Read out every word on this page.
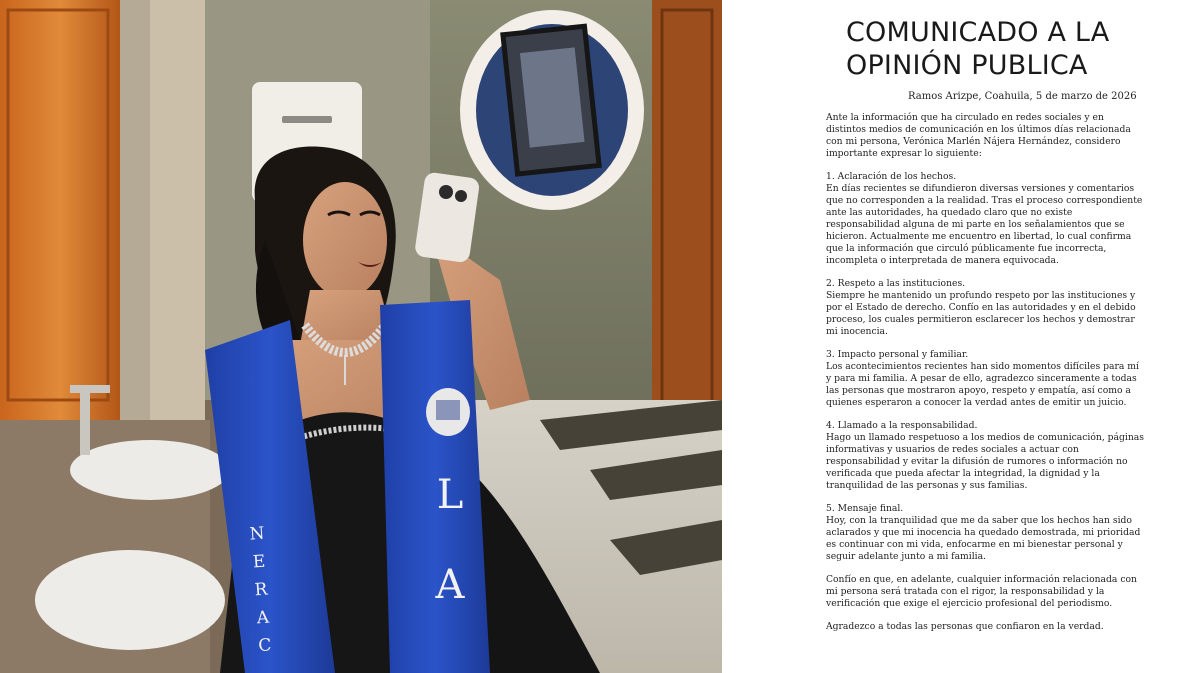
N
E
R
A
C
L
A
COMUNICADO A LA
OPINIÓN PUBLICA
Ramos Arizpe, Coahuila, 5 de marzo de 2026

Ante la información que ha circulado en redes sociales y en distintos medios de comunicación en los últimos días relacionada con mi persona, Verónica Marlén Nájera Hernández, considero importante expresar lo siguiente:

1. Aclaración de los hechos.
En días recientes se difundieron diversas versiones y comentarios que no corresponden a la realidad. Tras el proceso correspondiente ante las autoridades, ha quedado claro que no existe responsabilidad alguna de mi parte en los señalamientos que se hicieron. Actualmente me encuentro en libertad, lo cual confirma que la información que circuló públicamente fue incorrecta, incompleta o interpretada de manera equivocada.

2. Respeto a las instituciones.
Siempre he mantenido un profundo respeto por las instituciones y por el Estado de derecho. Confío en las autoridades y en el debido proceso, los cuales permitieron esclarecer los hechos y demostrar mi inocencia.

3. Impacto personal y familiar.
Los acontecimientos recientes han sido momentos difíciles para mí y para mi familia. A pesar de ello, agradezco sinceramente a todas las personas que mostraron apoyo, respeto y empatía, así como a quienes esperaron a conocer la verdad antes de emitir un juicio.

4. Llamado a la responsabilidad.
Hago un llamado respetuoso a los medios de comunicación, páginas informativas y usuarios de redes sociales a actuar con responsabilidad y evitar la difusión de rumores o información no verificada que pueda afectar la integridad, la dignidad y la tranquilidad de las personas y sus familias.

5. Mensaje final.
Hoy, con la tranquilidad que me da saber que los hechos han sido aclarados y que mi inocencia ha quedado demostrada, mi prioridad es continuar con mi vida, enfocarme en mi bienestar personal y seguir adelante junto a mi familia.

Confío en que, en adelante, cualquier información relacionada con mi persona será tratada con el rigor, la responsabilidad y la verificación que exige el ejercicio profesional del periodismo.

Agradezco a todas las personas que confiaron en la verdad.
